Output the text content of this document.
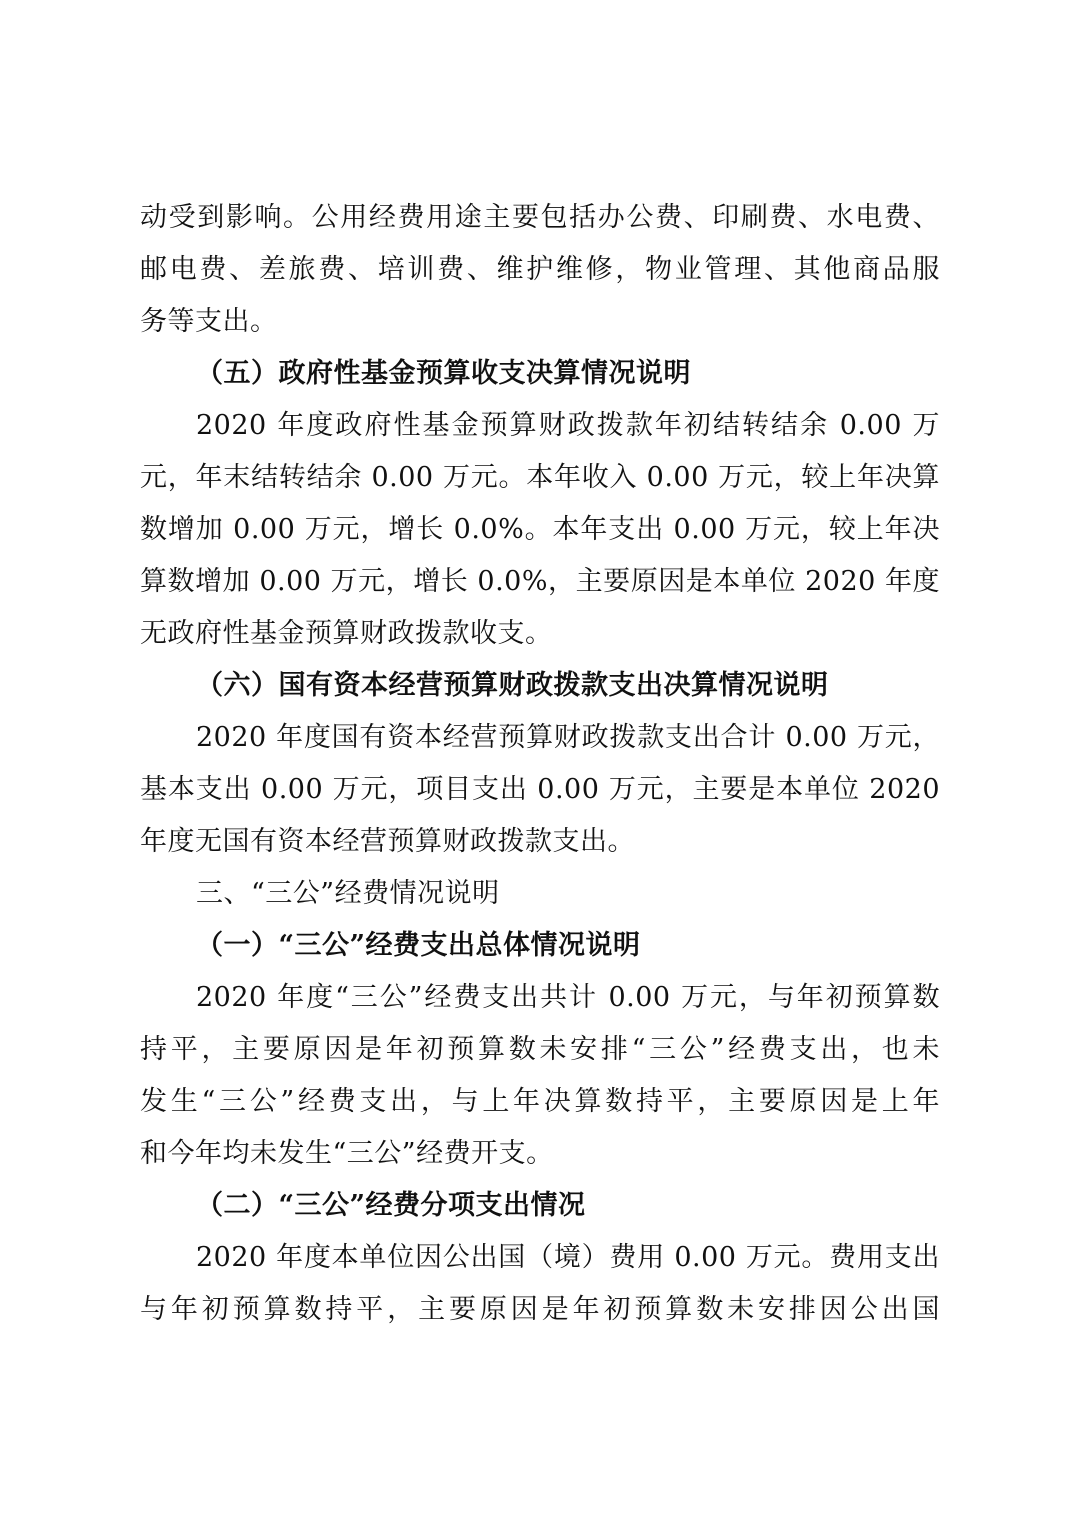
动受到影响。公用经费用途主要包括办公费、印刷费、水电费、
邮电费、差旅费、培训费、维护维修，物业管理、其他商品服
务等支出。
（五）政府性基金预算收支决算情况说明
2020 年度政府性基金预算财政拨款年初结转结余 0.00 万
元，年末结转结余 0.00 万元。本年收入 0.00 万元，较上年决算
数增加 0.00 万元，增长 0.0%。本年支出 0.00 万元，较上年决
算数增加 0.00 万元，增长 0.0%，主要原因是本单位 2020 年度
无政府性基金预算财政拨款收支。
（六）国有资本经营预算财政拨款支出决算情况说明
2020 年度国有资本经营预算财政拨款支出合计 0.00 万元，
基本支出 0.00 万元，项目支出 0.00 万元，主要是本单位 2020
年度无国有资本经营预算财政拨款支出。
三、“三公”经费情况说明
（一）“三公”经费支出总体情况说明
2020 年度“三公”经费支出共计 0.00 万元，与年初预算数
持平，主要原因是年初预算数未安排“三公”经费支出，也未
发生“三公”经费支出，与上年决算数持平，主要原因是上年
和今年均未发生“三公”经费开支。
（二）“三公”经费分项支出情况
2020 年度本单位因公出国（境）费用 0.00 万元。费用支出
与年初预算数持平，主要原因是年初预算数未安排因公出国
